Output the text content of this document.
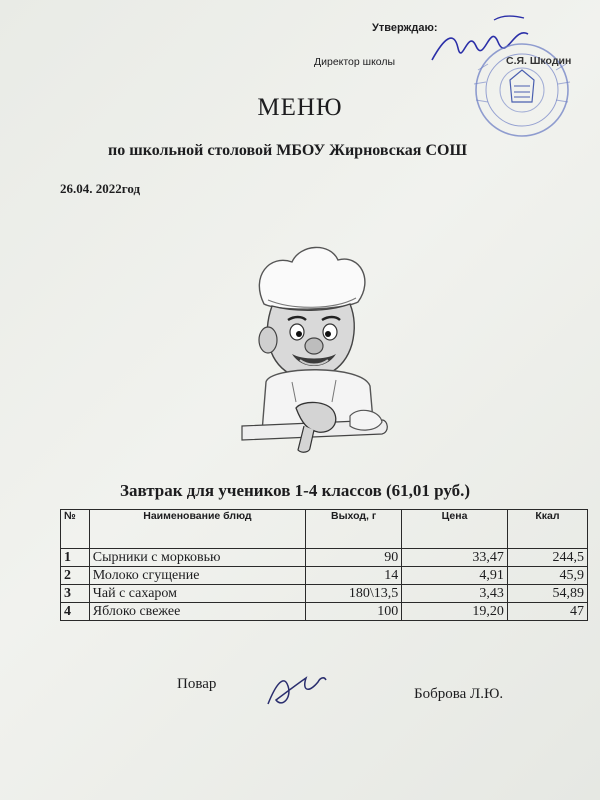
Утверждаю:
Директор школы	С.Я. Шкодин
МЕНЮ
по школьной столовой МБОУ Жирновская СОШ
26.04. 2022год
Завтрак для учеников 1-4 классов (61,01 руб.)
№	Наименование блюд	Выход, г	Цена	Ккал
1	Сырники с морковью	90	33,47	244,5
2	Молоко сгущение	14	4,91	45,9
3	Чай с сахаром	180\13,5	3,43	54,89
4	Яблоко свежее	100	19,20	47
Повар
Боброва Л.Ю.
